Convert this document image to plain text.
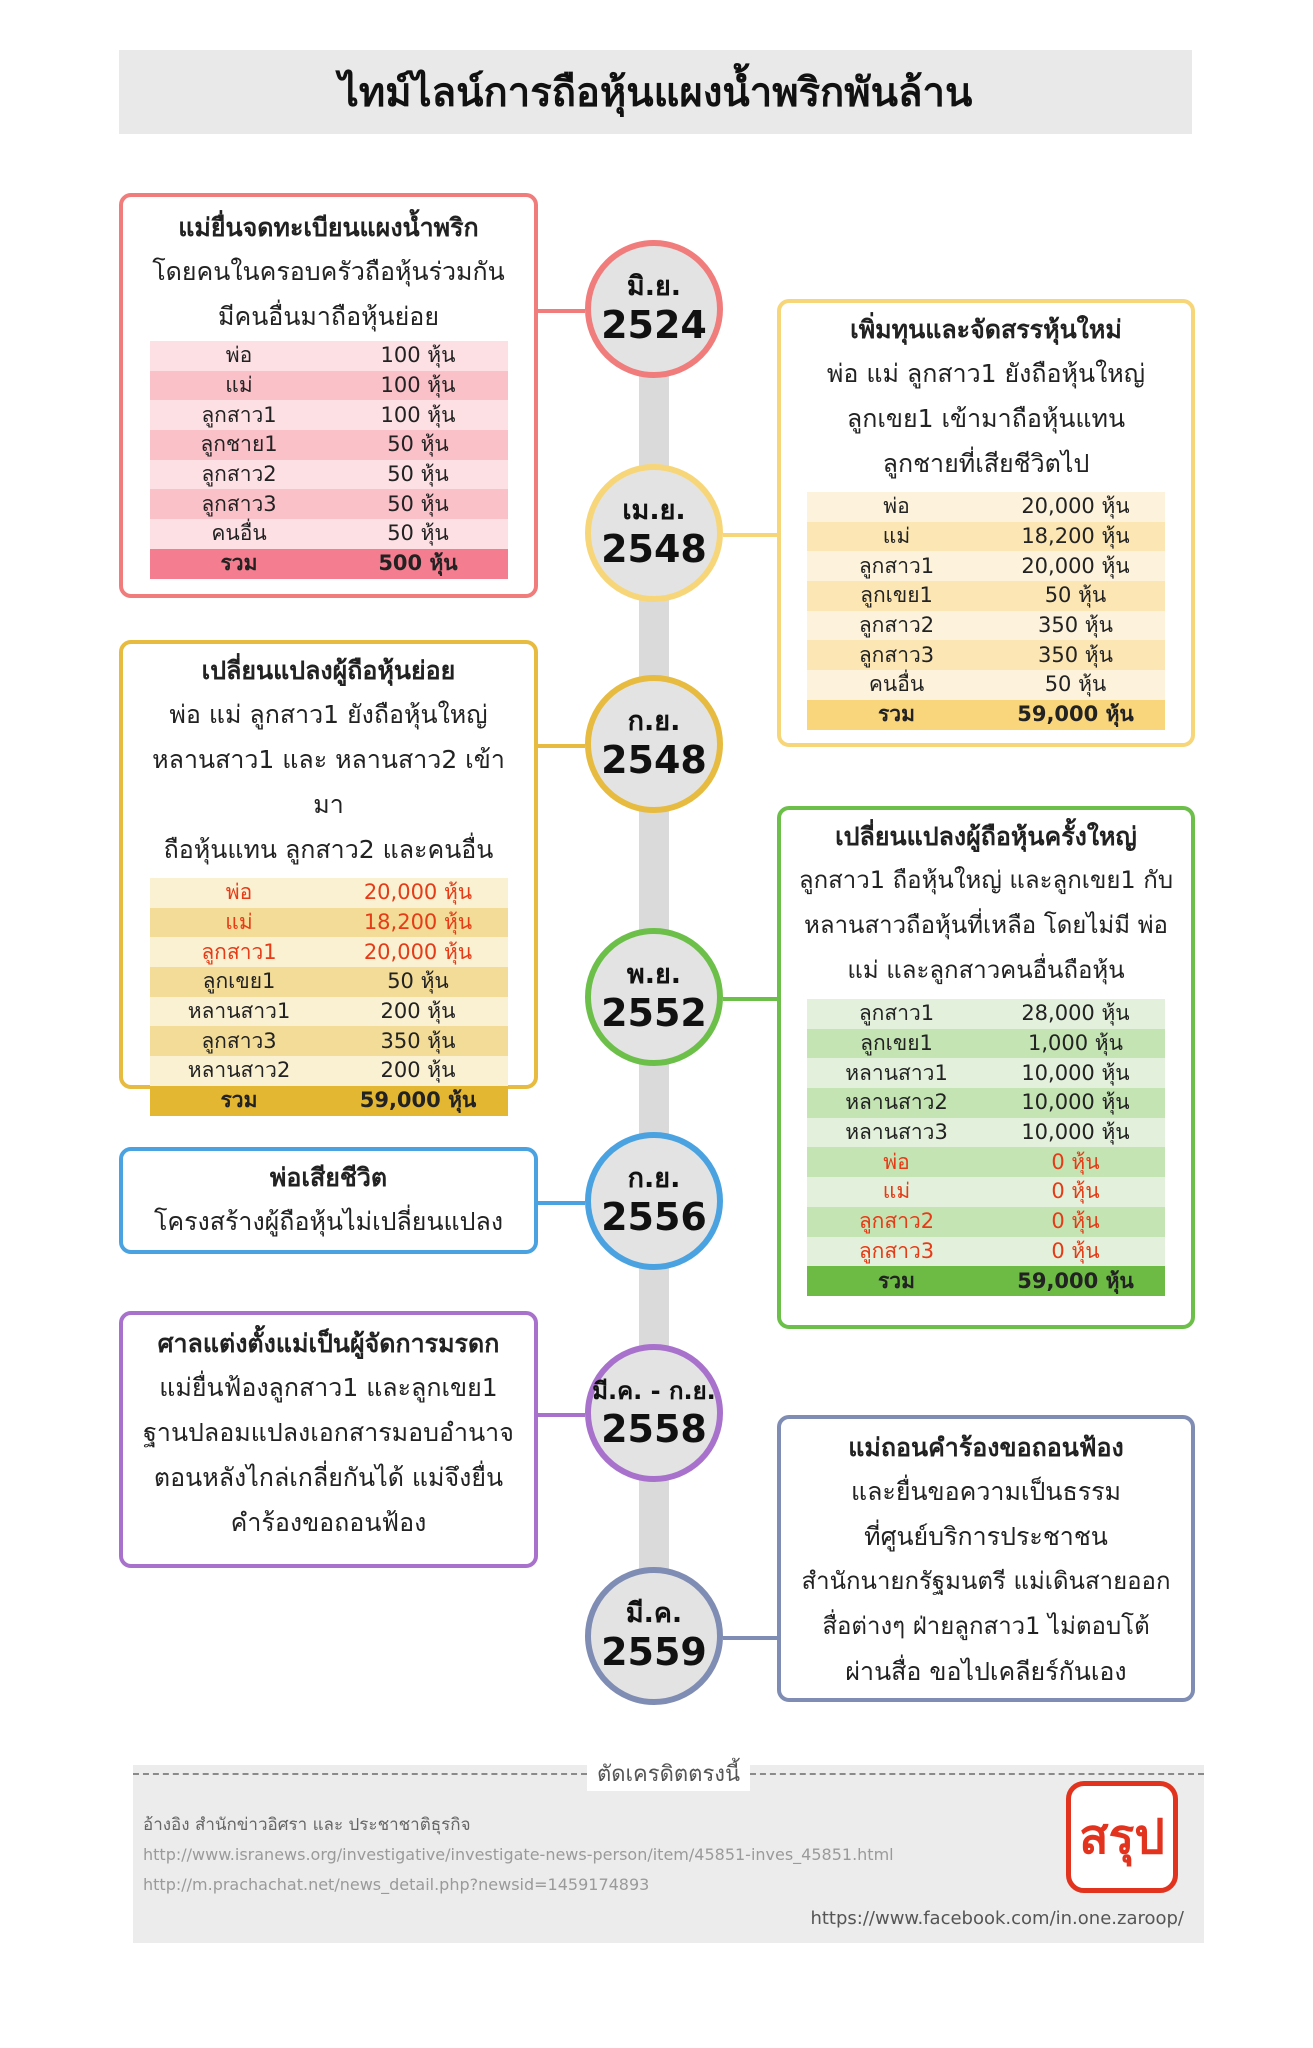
ไทม์ไลน์การถือหุ้นแผงน้ำพริกพันล้าน
มิ.ย.
2524
เม.ย.
2548
ก.ย.
2548
พ.ย.
2552
ก.ย.
2556
มี.ค. - ก.ย.
2558
มี.ค.
2559
แม่ยื่นจดทะเบียนแผงน้ำพริก
โดยคนในครอบครัวถือหุ้นร่วมกัน
มีคนอื่นมาถือหุ้นย่อย
พ่อ	100 หุ้น
แม่	100 หุ้น
ลูกสาว1	100 หุ้น
ลูกชาย1	50 หุ้น
ลูกสาว2	50 หุ้น
ลูกสาว3	50 หุ้น
คนอื่น	50 หุ้น
รวม	500 หุ้น
เพิ่มทุนและจัดสรรหุ้นใหม่
พ่อ แม่ ลูกสาว1 ยังถือหุ้นใหญ่
ลูกเขย1 เข้ามาถือหุ้นแทน
ลูกชายที่เสียชีวิตไป
พ่อ	20,000 หุ้น
แม่	18,200 หุ้น
ลูกสาว1	20,000 หุ้น
ลูกเขย1	50 หุ้น
ลูกสาว2	350 หุ้น
ลูกสาว3	350 หุ้น
คนอื่น	50 หุ้น
รวม	59,000 หุ้น
เปลี่ยนแปลงผู้ถือหุ้นย่อย
พ่อ แม่ ลูกสาว1 ยังถือหุ้นใหญ่
หลานสาว1 และ หลานสาว2 เข้ามา
ถือหุ้นแทน ลูกสาว2 และคนอื่น
พ่อ	20,000 หุ้น
แม่	18,200 หุ้น
ลูกสาว1	20,000 หุ้น
ลูกเขย1	50 หุ้น
หลานสาว1	200 หุ้น
ลูกสาว3	350 หุ้น
หลานสาว2	200 หุ้น
รวม	59,000 หุ้น
เปลี่ยนแปลงผู้ถือหุ้นครั้งใหญ่
ลูกสาว1 ถือหุ้นใหญ่ และลูกเขย1 กับ
หลานสาวถือหุ้นที่เหลือ โดยไม่มี พ่อ
แม่ และลูกสาวคนอื่นถือหุ้น
ลูกสาว1	28,000 หุ้น
ลูกเขย1	1,000 หุ้น
หลานสาว1	10,000 หุ้น
หลานสาว2	10,000 หุ้น
หลานสาว3	10,000 หุ้น
พ่อ	0 หุ้น
แม่	0 หุ้น
ลูกสาว2	0 หุ้น
ลูกสาว3	0 หุ้น
รวม	59,000 หุ้น
พ่อเสียชีวิต
โครงสร้างผู้ถือหุ้นไม่เปลี่ยนแปลง
ศาลแต่งตั้งแม่เป็นผู้จัดการมรดก
แม่ยื่นฟ้องลูกสาว1 และลูกเขย1
ฐานปลอมแปลงเอกสารมอบอำนาจ
ตอนหลังไกล่เกลี่ยกันได้ แม่จึงยื่น
คำร้องขอถอนฟ้อง
แม่ถอนคำร้องขอถอนฟ้อง
และยื่นขอความเป็นธรรม
ที่ศูนย์บริการประชาชน
สำนักนายกรัฐมนตรี แม่เดินสายออก
สื่อต่างๆ ฝ่ายลูกสาว1 ไม่ตอบโต้
ผ่านสื่อ ขอไปเคลียร์กันเอง
อ้างอิง สำนักข่าวอิศรา และ ประชาชาติธุรกิจ
http://www.isranews.org/investigative/investigate-news-person/item/45851-inves_45851.html
http://m.prachachat.net/news_detail.php?newsid=1459174893
https://www.facebook.com/in.one.zaroop/
สรุป
ตัดเครดิตตรงนี้
